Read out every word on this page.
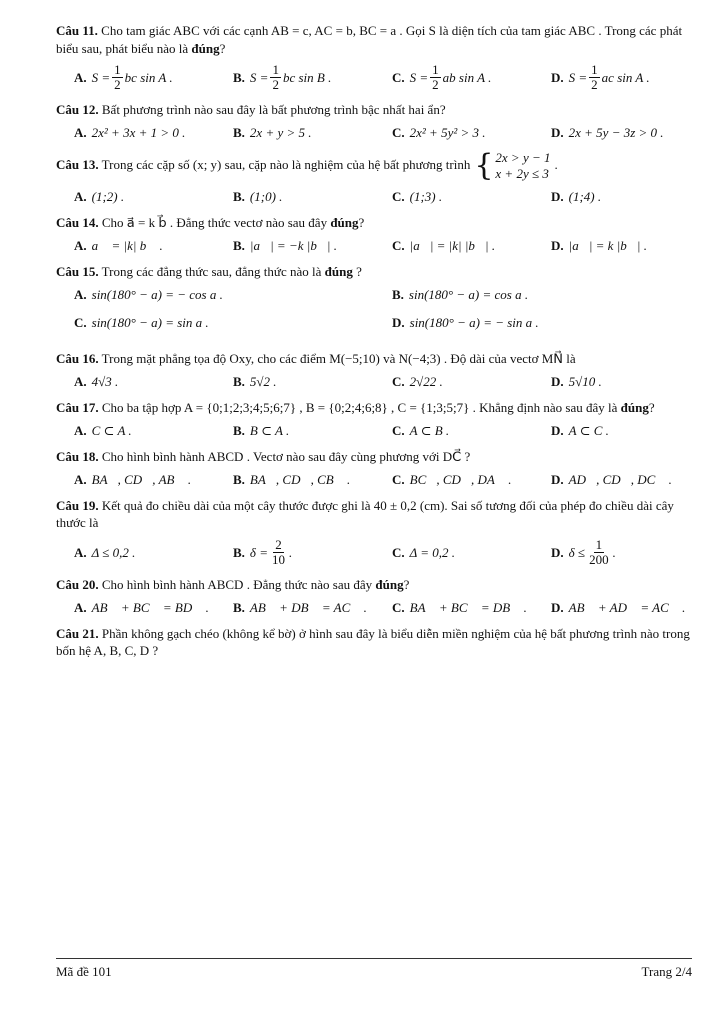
Câu 11. Cho tam giác ABC với các cạnh AB = c, AC = b, BC = a . Gọi S là diện tích của tam giác ABC . Trong các phát biểu sau, phát biểu nào là đúng?

A. $S = \frac{1}{2}$ bc sin A .	B. $S = \frac{1}{2}$ bc sin B .	C. $S = \frac{1}{2}$ ab sin A .	D. $S = \frac{1}{2}$ ac sin A .

Câu 12. Bất phương trình nào sau đây là bất phương trình bậc nhất hai ẩn?

A. 2x² + 3x + 1 > 0 .	B. 2x + y > 5 .	C. 2x² + 5y² > 3 .	D. 2x + 5y − 3z > 0 .

Câu 13. Trong các cặp số (x; y) sau, cặp nào là nghiệm của hệ bất phương trình { 2x > y − 1
x + 2y ≤ 3
.

A. (1;2) .	B. (1;0) .	C. (1;3) .	D. (1;4) .

Câu 14. Cho a⃗ = k b⃗ . Đẳng thức vectơ nào sau đây đúng?

A. a⃗ = |k| b⃗ .	B. |a⃗| = −k |b⃗| .	C. |a⃗| = |k| |b⃗| .	D. |a⃗| = k |b⃗| .

Câu 15. Trong các đẳng thức sau, đẳng thức nào là đúng ?

A. sin(180° − a) = − cos a .	B. sin(180° − a) = cos a .
C. sin(180° − a) = sin a .	D. sin(180° − a) = − sin a .

Câu 16. Trong mặt phẳng tọa độ Oxy, cho các điểm M(−5;10) và N(−4;3) . Độ dài của vectơ MN⃗ là

A. 4√3 .	B. 5√2 .	C. 2√22 .	D. 5√10 .

Câu 17. Cho ba tập hợp A = {0;1;2;3;4;5;6;7} , B = {0;2;4;6;8} , C = {1;3;5;7} . Khẳng định nào sau đây là đúng?

A. C ⊂ A .	B. B ⊂ A .	C. A ⊂ B .	D. A ⊂ C .

Câu 18. Cho hình bình hành ABCD . Vectơ nào sau đây cùng phương với DC⃗ ?

A. BA⃗, CD⃗, AB⃗ .	B. BA⃗, CD⃗, CB⃗ .	C. BC⃗, CD⃗, DA⃗ .	D. AD⃗, CD⃗, DC⃗ .

Câu 19. Kết quả đo chiều dài của một cây thước được ghi là 40 ± 0,2 (cm). Sai số tương đối của phép đo chiều dài cây thước là

A. Δ ≤ 0,2 .	B. $\delta = \frac{2}{10}$ .	C. Δ = 0,2 .	D. $\delta \le \frac{1}{200}$ .

Câu 20. Cho hình bình hành ABCD . Đẳng thức nào sau đây đúng?

A. AB⃗ + BC⃗ = BD⃗ . B. AB⃗ + DB⃗ = AC⃗ . C. BA⃗ + BC⃗ = DB⃗ . D. AB⃗ + AD⃗ = AC⃗ .

Câu 21. Phần không gạch chéo (không kể bờ) ở hình sau đây là biểu diễn miền nghiệm của hệ bất phương trình nào trong bốn hệ A, B, C, D ?

Mã đề 101	Trang 2/4
